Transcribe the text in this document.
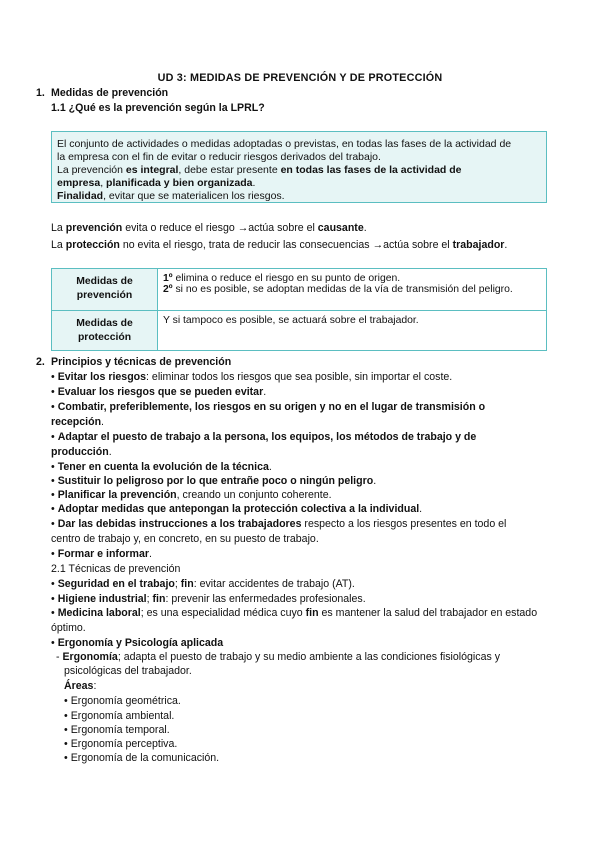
UD 3: MEDIDAS DE PREVENCIÓN Y DE PROTECCIÓN
1. Medidas de prevención
1.1 ¿Qué es la prevención según la LPRL?
El conjunto de actividades o medidas adoptadas o previstas, en todas las fases de la actividad de
la empresa con el fin de evitar o reducir riesgos derivados del trabajo.
La prevención es integral, debe estar presente en todas las fases de la actividad de
empresa, planificada y bien organizada.
Finalidad, evitar que se materialicen los riesgos.
La prevención evita o reduce el riesgo →actúa sobre el causante.
La protección no evita el riesgo, trata de reducir las consecuencias →actúa sobre el trabajador.
Medidas de prevención	1º elimina o reduce el riesgo en su punto de origen.
2º si no es posible, se adoptan medidas de la vía de transmisión del peligro.

Medidas de protección	Y si tampoco es posible, se actuará sobre el trabajador.
2. Principios y técnicas de prevención
• Evitar los riesgos: eliminar todos los riesgos que sea posible, sin importar el coste.
• Evaluar los riesgos que se pueden evitar.
• Combatir, preferiblemente, los riesgos en su origen y no en el lugar de transmisión o
recepción.
• Adaptar el puesto de trabajo a la persona, los equipos, los métodos de trabajo y de
producción.
• Tener en cuenta la evolución de la técnica.
• Sustituir lo peligroso por lo que entrañe poco o ningún peligro.
• Planificar la prevención, creando un conjunto coherente.
• Adoptar medidas que antepongan la protección colectiva a la individual.
• Dar las debidas instrucciones a los trabajadores respecto a los riesgos presentes en todo el
centro de trabajo y, en concreto, en su puesto de trabajo.
• Formar e informar.
2.1 Técnicas de prevención
• Seguridad en el trabajo; fin: evitar accidentes de trabajo (AT).
• Higiene industrial; fin: prevenir las enfermedades profesionales.
• Medicina laboral; es una especialidad médica cuyo fin es mantener la salud del trabajador en estado
óptimo.
• Ergonomía y Psicología aplicada
- Ergonomía; adapta el puesto de trabajo y su medio ambiente a las condiciones fisiológicas y
psicológicas del trabajador.
Áreas:
• Ergonomía geométrica.
• Ergonomía ambiental.
• Ergonomía temporal.
• Ergonomía perceptiva.
• Ergonomía de la comunicación.
